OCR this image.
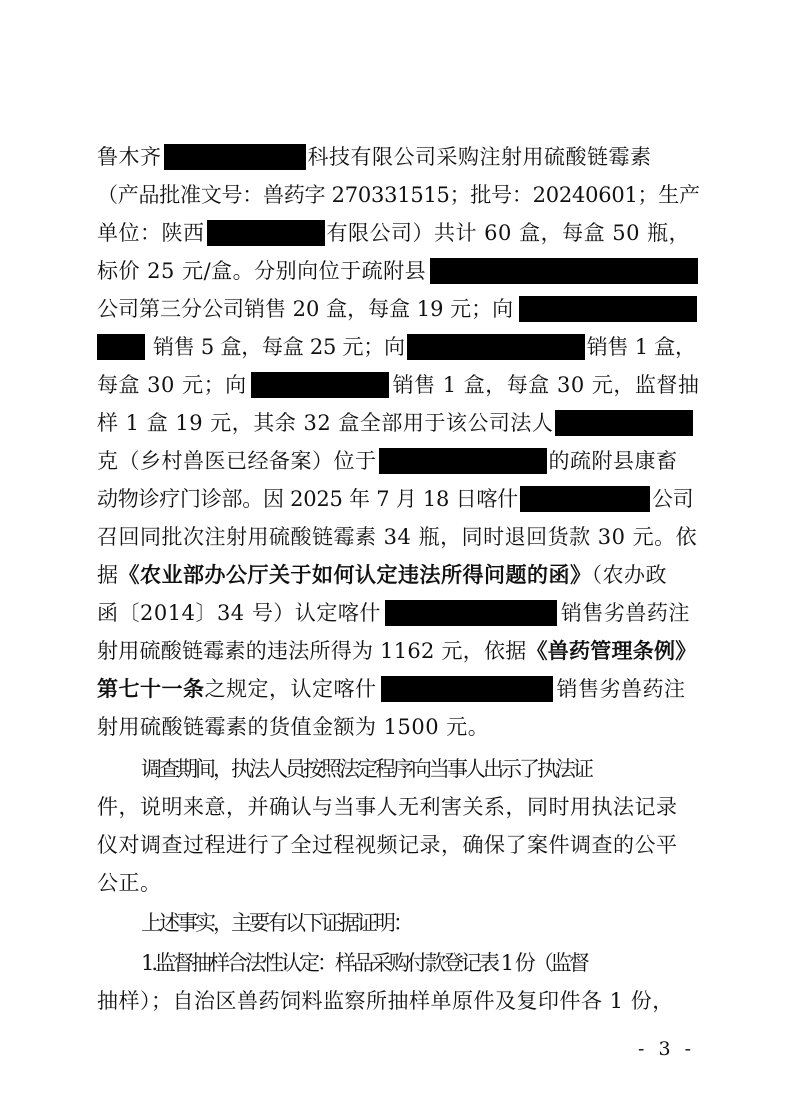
鲁木齐	科技有限公司采购注射用硫酸链霉素
（产品批准文号：兽药字 270331515；批号：20240601；生产
单位：陕西	有限公司）共计 60 盒，每盒 50 瓶，
标价 25 元/盒。分别向位于疏附县
公司第三分公司销售 20 盒，每盒 19 元；向
销售 5 盒，每盒 25 元；向	销售 1 盒，
每盒 30 元；向	销售 1 盒，每盒 30 元，监督抽
样 1 盒 19 元，其余 32 盒全部用于该公司法人
克（乡村兽医已经备案）位于	的疏附县康畜
动物诊疗门诊部。因 2025 年 7 月 18 日喀什	公司
召回同批次注射用硫酸链霉素 34 瓶，同时退回货款 30 元。依
据《农业部办公厅关于如何认定违法所得问题的函》（农办政
函〔2014〕34 号）认定喀什	销售劣兽药注
射用硫酸链霉素的违法所得为 1162 元，依据《兽药管理条例》
第七十一条之规定，认定喀什	销售劣兽药注
射用硫酸链霉素的货值金额为 1500 元。
调查期间，执法人员按照法定程序向当事人出示了执法证
件，说明来意，并确认与当事人无利害关系，同时用执法记录
仪对调查过程进行了全过程视频记录，确保了案件调查的公平
公正。
上述事实，主要有以下证据证明：
1.监督抽样合法性认定：样品采购付款登记表 1 份（监督
抽样）；自治区兽药饲料监察所抽样单原件及复印件各 1 份，
- 3 -
